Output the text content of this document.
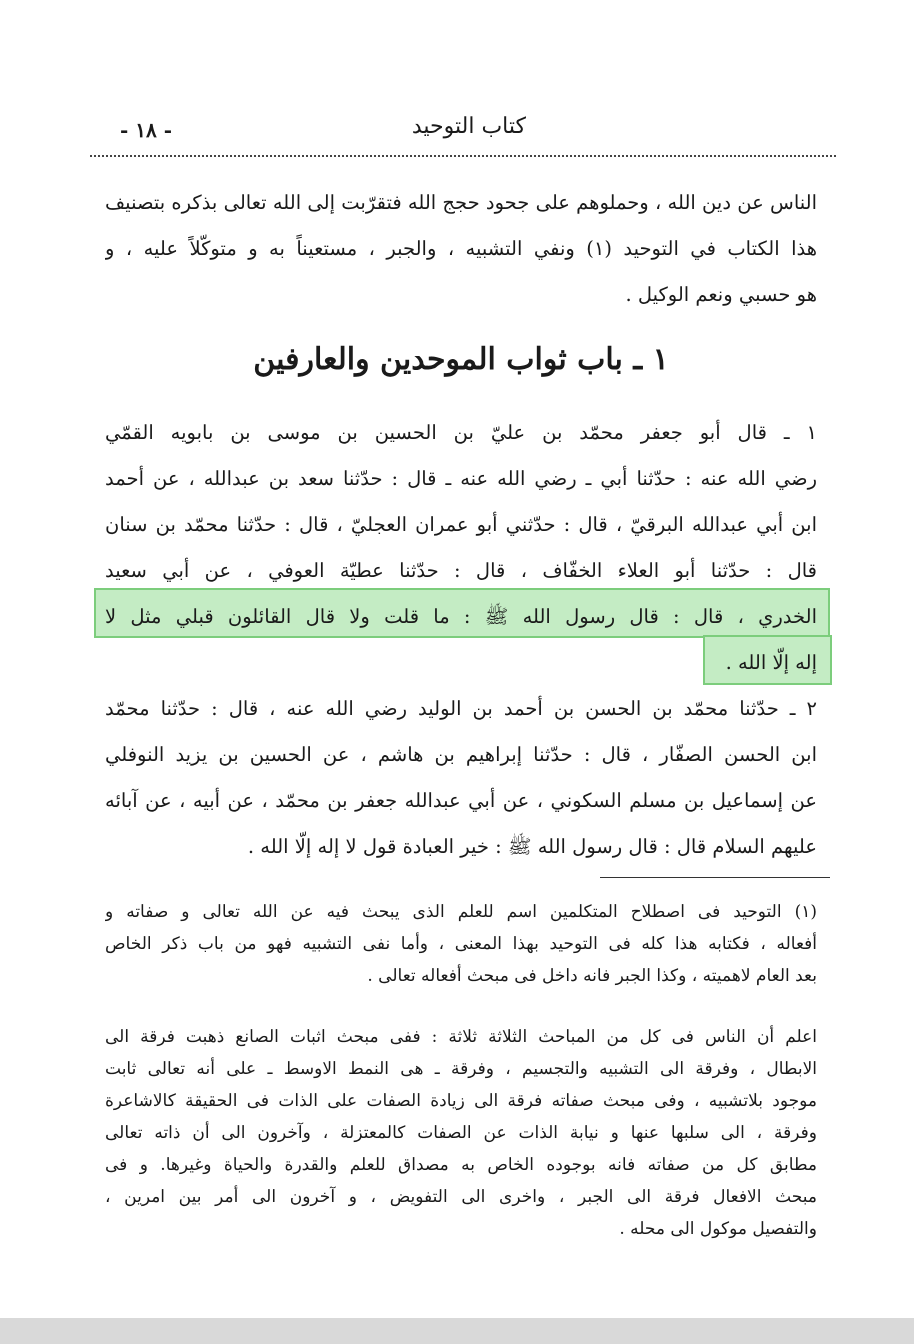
كتاب التوحيد
- ١٨ -
الناس عن دين الله ، وحملوهم على جحود حجج الله فتقرّبت إلى الله تعالى بذكره بتصنيف
هذا الكتاب في التوحيد (١) ونفي التشبيه ، والجبر ، مستعيناً به و متوكّلاً عليه ، و
هو حسبي ونعم الوكيل .
١ ـ باب ثواب الموحدين والعارفين
١ ـ قال أبو جعفر محمّد بن عليّ بن الحسين بن موسى بن بابويه القمّي
رضي الله عنه : حدّثنا أبي ـ رضي الله عنه ـ قال : حدّثنا سعد بن عبدالله ، عن أحمد
ابن أبي عبدالله البرقيّ ، قال : حدّثني أبو عمران العجليّ ، قال : حدّثنا محمّد بن سنان
قال : حدّثنا أبو العلاء الخفّاف ، قال : حدّثنا عطيّة العوفي ، عن أبي سعيد
الخدري ، قال : قال رسول الله ﷺ : ما قلت ولا قال القائلون قبلي مثل لا
إله إلّا الله .
٢ ـ حدّثنا محمّد بن الحسن بن أحمد بن الوليد رضي الله عنه ، قال : حدّثنا محمّد
ابن الحسن الصفّار ، قال : حدّثنا إبراهيم بن هاشم ، عن الحسين بن يزيد النوفلي
عن إسماعيل بن مسلم السكوني ، عن أبي عبدالله جعفر بن محمّد ، عن أبيه ، عن آبائه
عليهم السلام قال : قال رسول الله ﷺ : خير العبادة قول لا إله إلّا الله .
(١) التوحيد فى اصطلاح المتكلمين اسم للعلم الذى يبحث فيه عن الله تعالى و صفاته و
أفعاله ، فكتابه هذا كله فى التوحيد بهذا المعنى ، وأما نفى التشبيه فهو من باب ذكر الخاص
بعد العام لاهميته ، وكذا الجبر فانه داخل فى مبحث أفعاله تعالى .
اعلم أن الناس فى كل من المباحث الثلاثة ثلاثة : ففى مبحث اثبات الصانع ذهبت فرقة الى
الابطال ، وفرقة الى التشبيه والتجسيم ، وفرقة ـ هى النمط الاوسط ـ على أنه تعالى ثابت
موجود بلاتشبيه ، وفى مبحث صفاته فرقة الى زيادة الصفات على الذات فى الحقيقة كالاشاعرة
وفرقة ، الى سلبها عنها و نيابة الذات عن الصفات كالمعتزلة ، وآخرون الى أن ذاته تعالى
مطابق كل من صفاته فانه بوجوده الخاص به مصداق للعلم والقدرة والحياة وغيرها. و فى
مبحث الافعال فرقة الى الجبر ، واخرى الى التفويض ، و آخرون الى أمر بين امرين ،
والتفصيل موكول الى محله .
